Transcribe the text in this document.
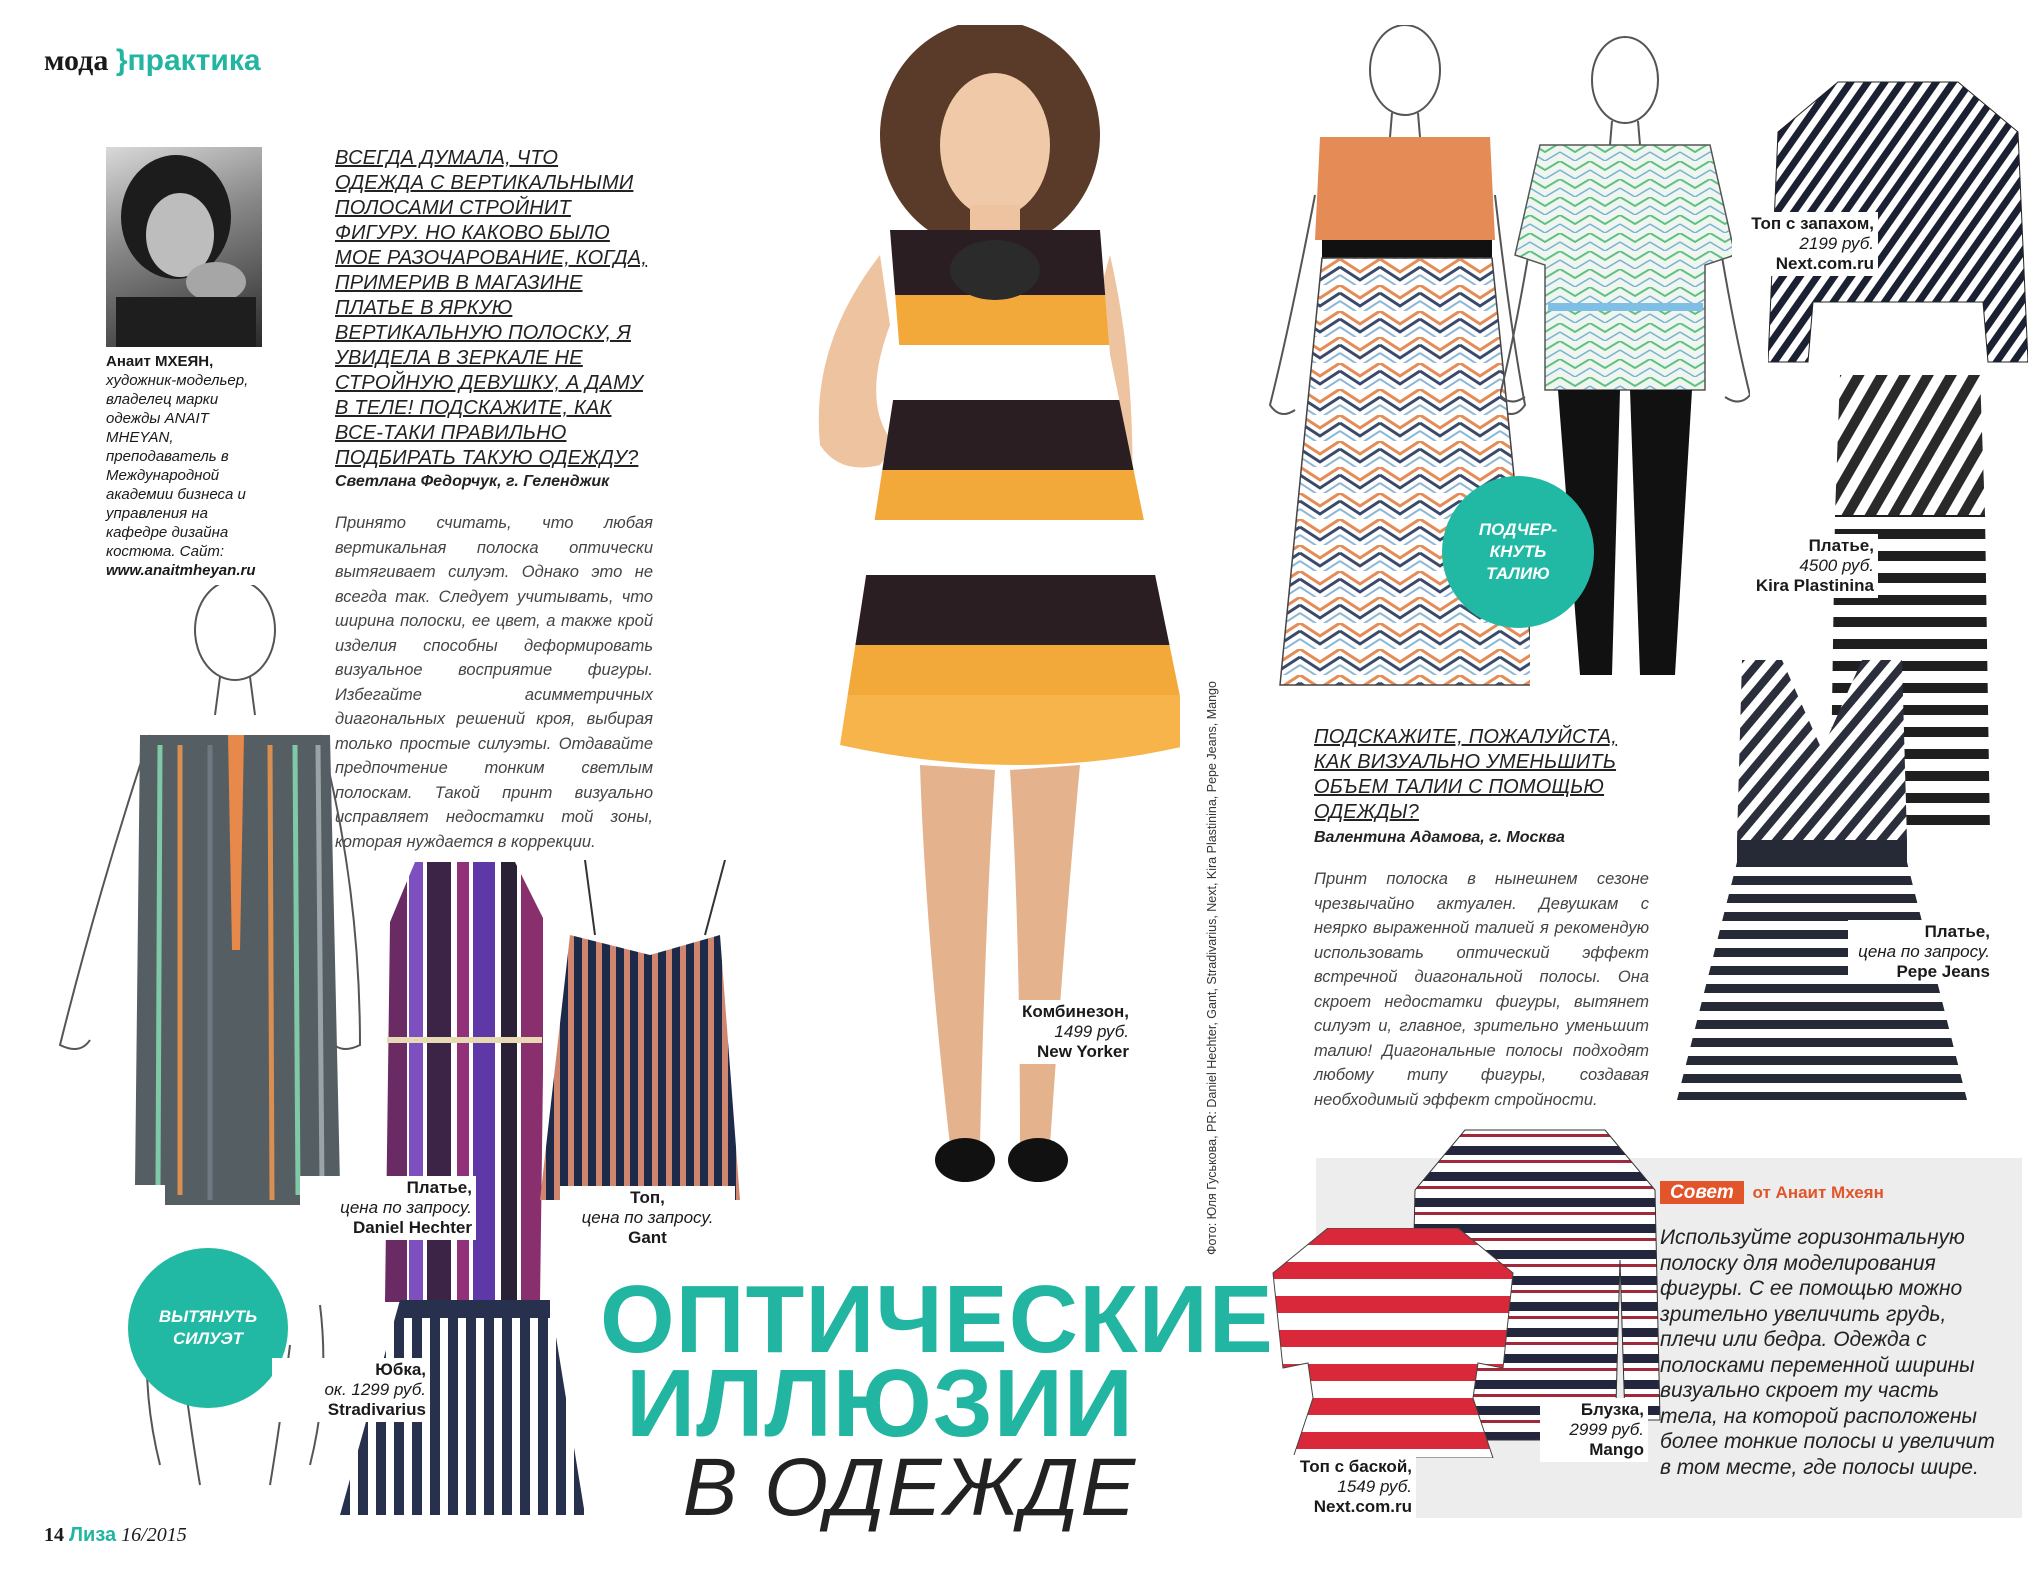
мода }практика
Анаит МХЕЯН,
художник-модельер, владелец марки одежды ANAIT MHEYAN, преподаватель в Международной академии бизнеса и управления на кафедре дизайна костюма. Сайт:
www.anaitmheyan.ru
ВСЕГДА ДУМАЛА, ЧТО ОДЕЖДА С ВЕРТИКАЛЬНЫМИ ПОЛОСАМИ СТРОЙНИТ ФИГУРУ. НО КАКОВО БЫЛО МОЕ РАЗОЧАРОВАНИЕ, КОГДА, ПРИМЕРИВ В МАГАЗИНЕ ПЛАТЬЕ В ЯРКУЮ ВЕРТИКАЛЬНУЮ ПОЛОСКУ, Я УВИДЕЛА В ЗЕРКАЛЕ НЕ СТРОЙНУЮ ДЕВУШКУ, А ДАМУ В ТЕЛЕ! ПОДСКАЖИТЕ, КАК ВСЕ-ТАКИ ПРАВИЛЬНО ПОДБИРАТЬ ТАКУЮ ОДЕЖДУ?
Светлана Федорчук, г. Геленджик
Принято считать, что любая вертикальная полоска оптически вытягивает силуэт. Однако это не всегда так. Следует учитывать, что ширина полоски, ее цвет, а также крой изделия способны деформировать визуальное восприятие фигуры. Избегайте асимметричных диагональных решений кроя, выбирая только простые силуэты. Отдавайте предпочтение тонким светлым полоскам. Такой принт визуально исправляет недостатки той зоны, которая нуждается в коррекции.
ВЫТЯНУТЬ СИЛУЭТ
Платье,
цена по запросу.
Daniel Hechter
Топ,
цена по запросу.
Gant
Юбка,
ок. 1299 руб.
Stradivarius
Комбинезон,
1499 руб.
New Yorker
ОПТИЧЕСКИЕ
ИЛЛЮЗИИ
В ОДЕЖДЕ
Фото: Юля Гуськова, PR: Daniel Hechter, Gant, Stradivarius, Next, Kira Plastinina, Pepe Jeans, Mango
ПОДЧЕР-КНУТЬ ТАЛИЮ
Топ с запахом,
2199 руб.
Next.com.ru
Платье,
4500 руб.
Kira Plastinina
Платье,
цена по запросу.
Pepe Jeans
ПОДСКАЖИТЕ, ПОЖАЛУЙСТА, КАК ВИЗУАЛЬНО УМЕНЬШИТЬ ОБЪЕМ ТАЛИИ С ПОМОЩЬЮ ОДЕЖДЫ?
Валентина Адамова, г. Москва
Принт полоска в нынешнем сезоне чрезвычайно актуален. Девушкам с неярко выраженной талией я рекомендую использовать оптический эффект встречной диагональной полосы. Она скроет недостатки фигуры, вытянет силуэт и, главное, зрительно уменьшит талию! Диагональные полосы подходят любому типу фигуры, создавая необходимый эффект стройности.
Блузка,
2999 руб.
Mango
Топ с баской,
1549 руб.
Next.com.ru
Совет от Анаит Мхеян
Используйте горизонтальную полоску для моделирования фигуры. С ее помощью можно зрительно увеличить грудь, плечи или бедра. Одежда с полосками переменной ширины визуально скроет ту часть тела, на которой расположены более тонкие полосы и увеличит в том месте, где полосы шире.
14 Лиза 16/2015
